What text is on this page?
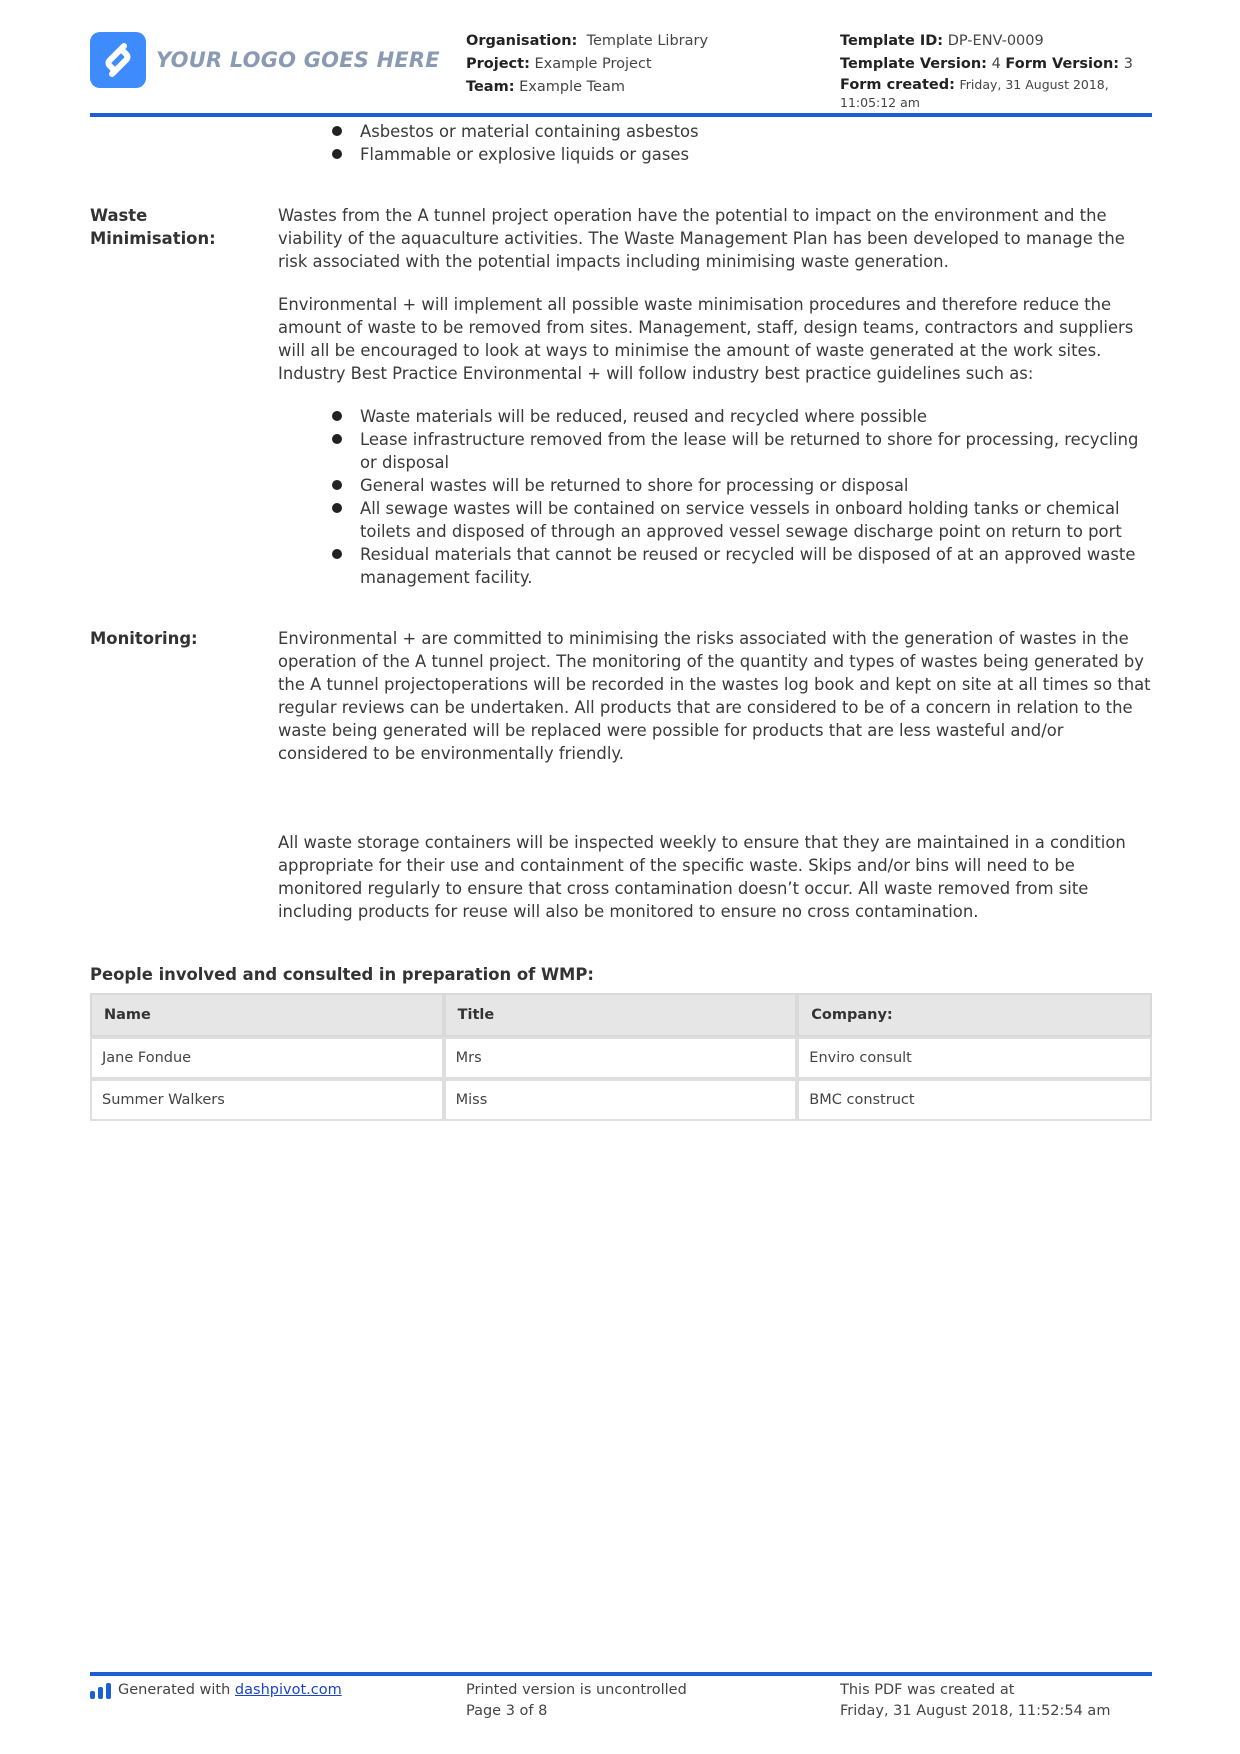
YOUR LOGO GOES HERE
Organisation: Template Library
Project: Example Project
Team: Example Team
Template ID: DP-ENV-0009
Template Version: 4 Form Version: 3
Form created: Friday, 31 August 2018, 11:05:12 am
Asbestos or material containing asbestos
Flammable or explosive liquids or gases
Waste Minimisation:

Wastes from the A tunnel project operation have the potential to impact on the environment and the viability of the aquaculture activities. The Waste Management Plan has been developed to manage the risk associated with the potential impacts including minimising waste generation.

Environmental + will implement all possible waste minimisation procedures and therefore reduce the amount of waste to be removed from sites. Management, staff, design teams, contractors and suppliers will all be encouraged to look at ways to minimise the amount of waste generated at the work sites. Industry Best Practice Environmental + will follow industry best practice guidelines such as:

Waste materials will be reduced, reused and recycled where possible
Lease infrastructure removed from the lease will be returned to shore for processing, recycling or disposal
General wastes will be returned to shore for processing or disposal
All sewage wastes will be contained on service vessels in onboard holding tanks or chemical toilets and disposed of through an approved vessel sewage discharge point on return to port
Residual materials that cannot be reused or recycled will be disposed of at an approved waste management facility.
Monitoring:	Environmental + are committed to minimising the risks associated with the generation of wastes in the operation of the A tunnel project. The monitoring of the quantity and types of wastes being generated by the A tunnel projectoperations will be recorded in the wastes log book and kept on site at all times so that regular reviews can be undertaken. All products that are considered to be of a concern in relation to the waste being generated will be replaced were possible for products that are less wasteful and/or considered to be environmentally friendly.

All waste storage containers will be inspected weekly to ensure that they are maintained in a condition appropriate for their use and containment of the specific waste. Skips and/or bins will need to be monitored regularly to ensure that cross contamination doesn’t occur. All waste removed from site including products for reuse will also be monitored to ensure no cross contamination.

People involved and consulted in preparation of WMP:
Name	Title	Company:
Jane Fondue	Mrs	Enviro consult
Summer Walkers	Miss	BMC construct
Generated with
dashpivot.com	Printed version is uncontrolled
Page 3 of 8
This PDF was created at
Friday, 31 August 2018, 11:52:54 am
